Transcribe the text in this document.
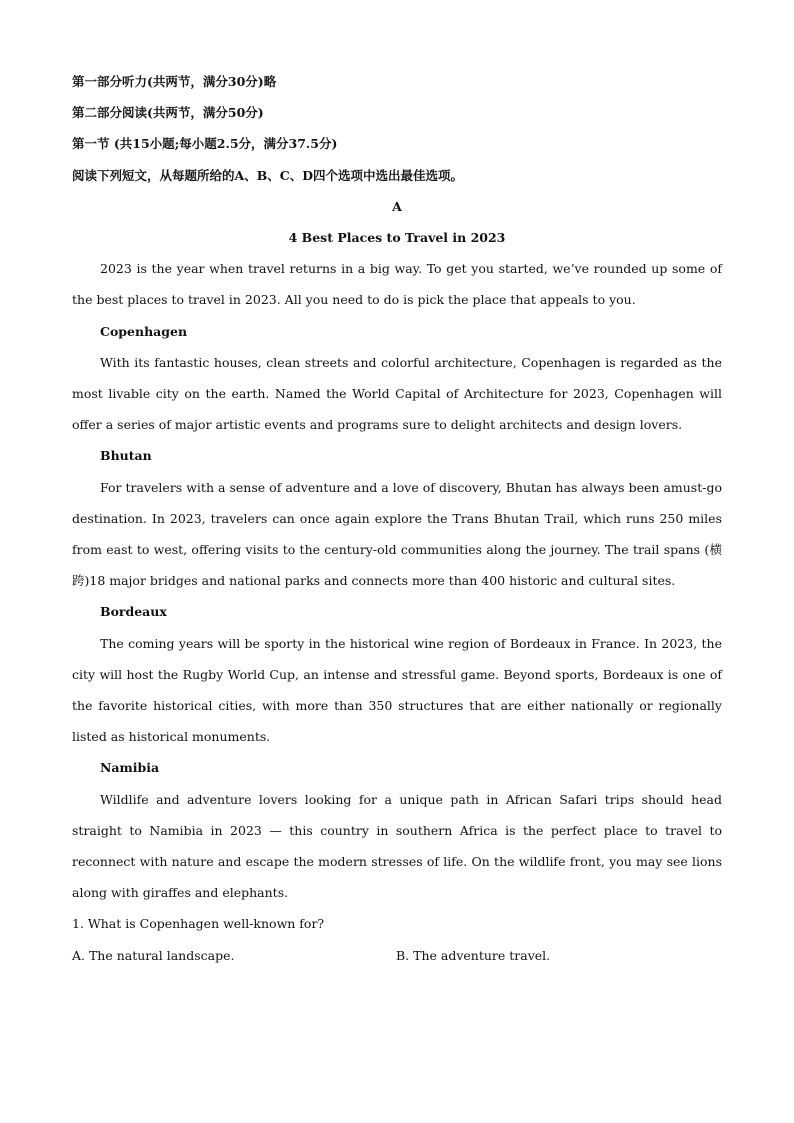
第一部分听力(共两节，满分30分)略
第二部分阅读(共两节，满分50分)
第一节 (共15小题;每小题2.5分，满分37.5分)
阅读下列短文，从每题所给的A、B、C、D四个选项中选出最佳选项。
A
4 Best Places to Travel in 2023

2023 is the year when travel returns in a big way. To get you started, we’ve rounded up some of the best places to travel in 2023. All you need to do is pick the place that appeals to you.

Copenhagen

With its fantastic houses, clean streets and colorful architecture, Copenhagen is regarded as the most livable city on the earth. Named the World Capital of Architecture for 2023, Copenhagen will offer a series of major artistic events and programs sure to delight architects and design lovers.

Bhutan

For travelers with a sense of adventure and a love of discovery, Bhutan has always been amust-go destination. In 2023, travelers can once again explore the Trans Bhutan Trail, which runs 250 miles from east to west, offering visits to the century-old communities along the journey. The trail spans (横跨)18 major bridges and national parks and connects more than 400 historic and cultural sites.

Bordeaux

The coming years will be sporty in the historical wine region of Bordeaux in France. In 2023, the city will host the Rugby World Cup, an intense and stressful game. Beyond sports, Bordeaux is one of the favorite historical cities, with more than 350 structures that are either nationally or regionally listed as historical monuments.

Namibia

Wildlife and adventure lovers looking for a unique path in African Safari trips should head straight to Namibia in 2023 — this country in southern Africa is the perfect place to travel to reconnect with nature and escape the modern stresses of life. On the wildlife front, you may see lions along with giraffes and elephants.

1. What is Copenhagen well-known for?
A. The natural landscape.	B. The adventure travel.
